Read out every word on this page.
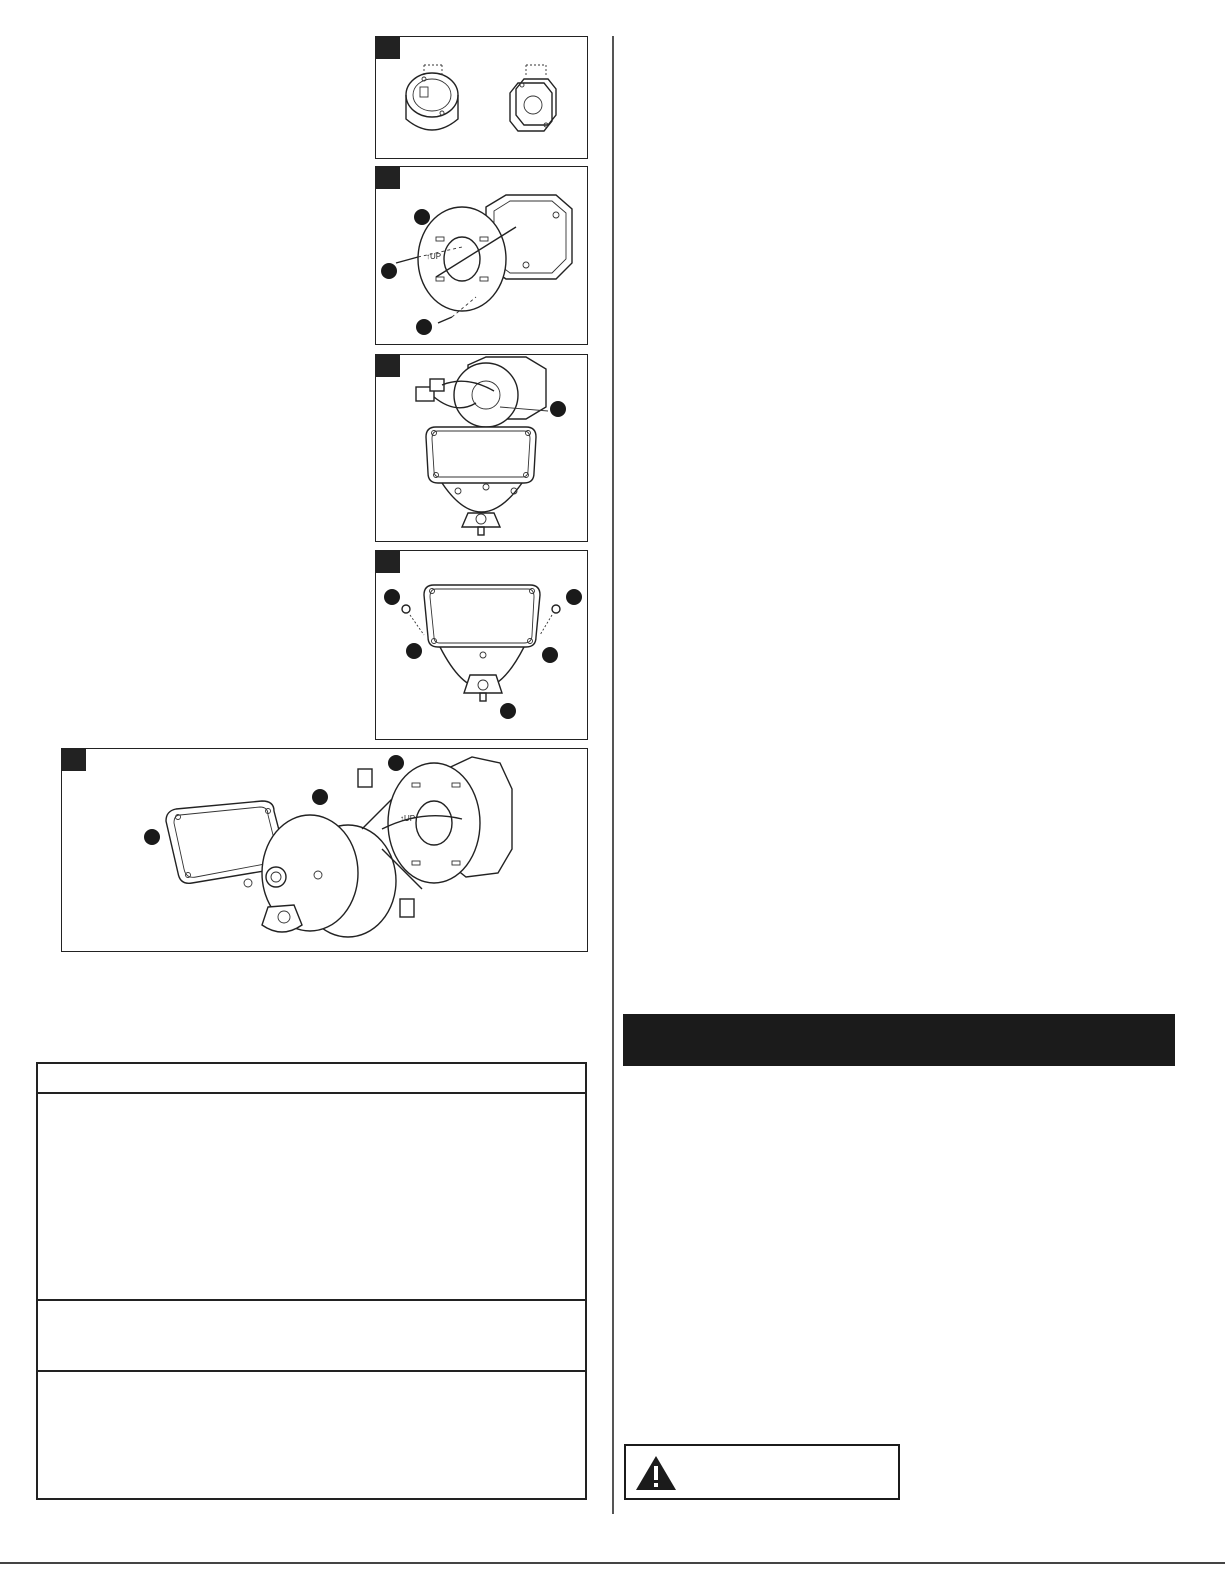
↑UP
↑UP
